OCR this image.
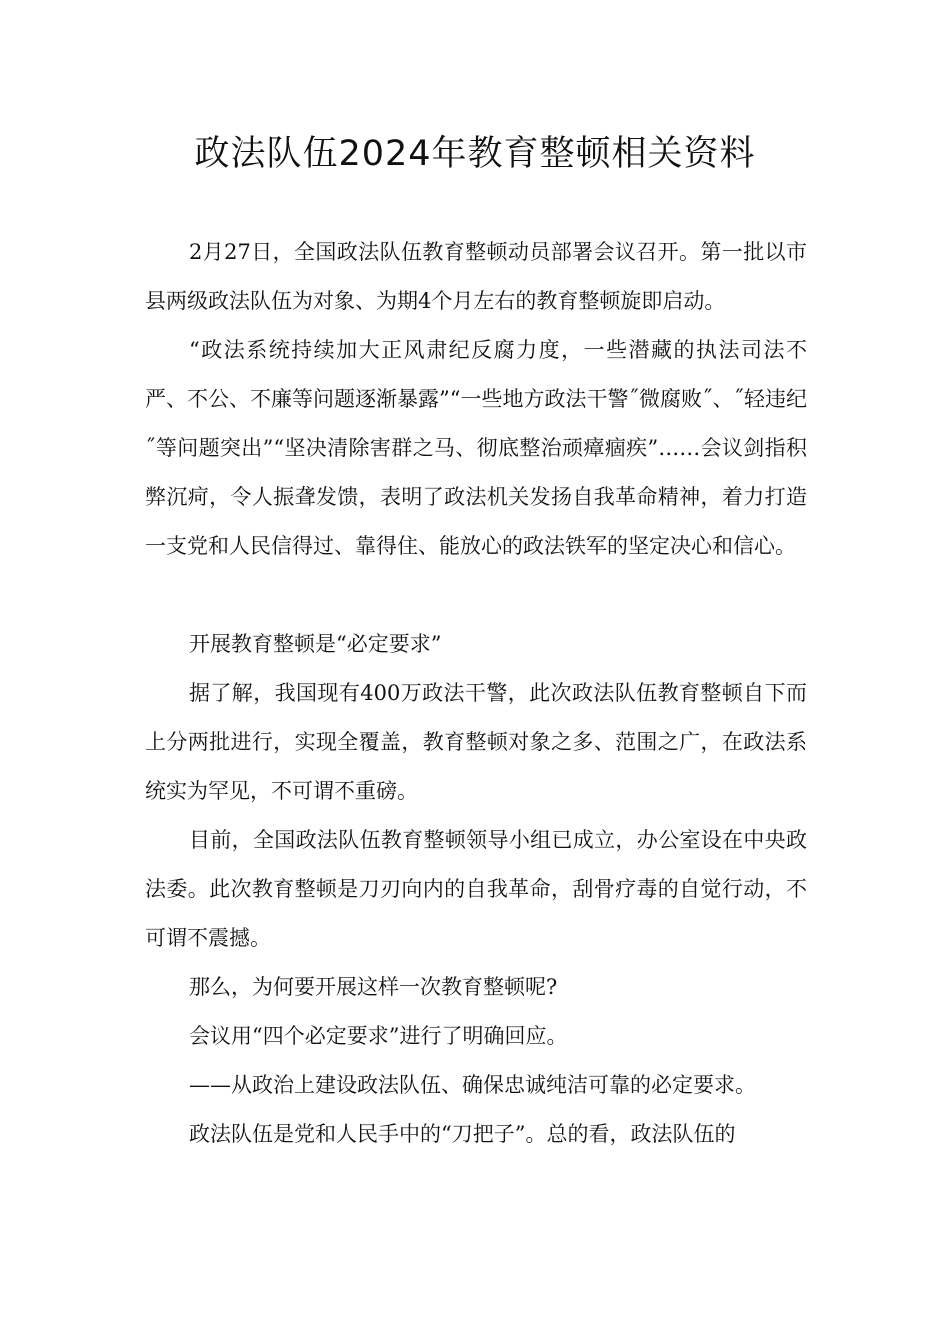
政法队伍2024年教育整顿相关资料

2月27日，全国政法队伍教育整顿动员部署会议召开。第一批以市县两级政法队伍为对象、为期4个月左右的教育整顿旋即启动。

“政法系统持续加大正风肃纪反腐力度，一些潜藏的执法司法不严、不公、不廉等问题逐渐暴露”“一些地方政法干警˝微腐败˝、˝轻违纪˝等问题突出”“坚决清除害群之马、彻底整治顽瘴痼疾”……会议剑指积弊沉疴，令人振聋发馈，表明了政法机关发扬自我革命精神，着力打造一支党和人民信得过、靠得住、能放心的政法铁军的坚定决心和信心。

开展教育整顿是“必定要求”

据了解，我国现有400万政法干警，此次政法队伍教育整顿自下而上分两批进行，实现全覆盖，教育整顿对象之多、范围之广，在政法系统实为罕见，不可谓不重磅。

目前，全国政法队伍教育整顿领导小组已成立，办公室设在中央政法委。此次教育整顿是刀刃向内的自我革命，刮骨疗毒的自觉行动，不可谓不震撼。

那么，为何要开展这样一次教育整顿呢?

会议用“四个必定要求”进行了明确回应。

——从政治上建设政法队伍、确保忠诚纯洁可靠的必定要求。

政法队伍是党和人民手中的“刀把子”。总的看，政法队伍的
